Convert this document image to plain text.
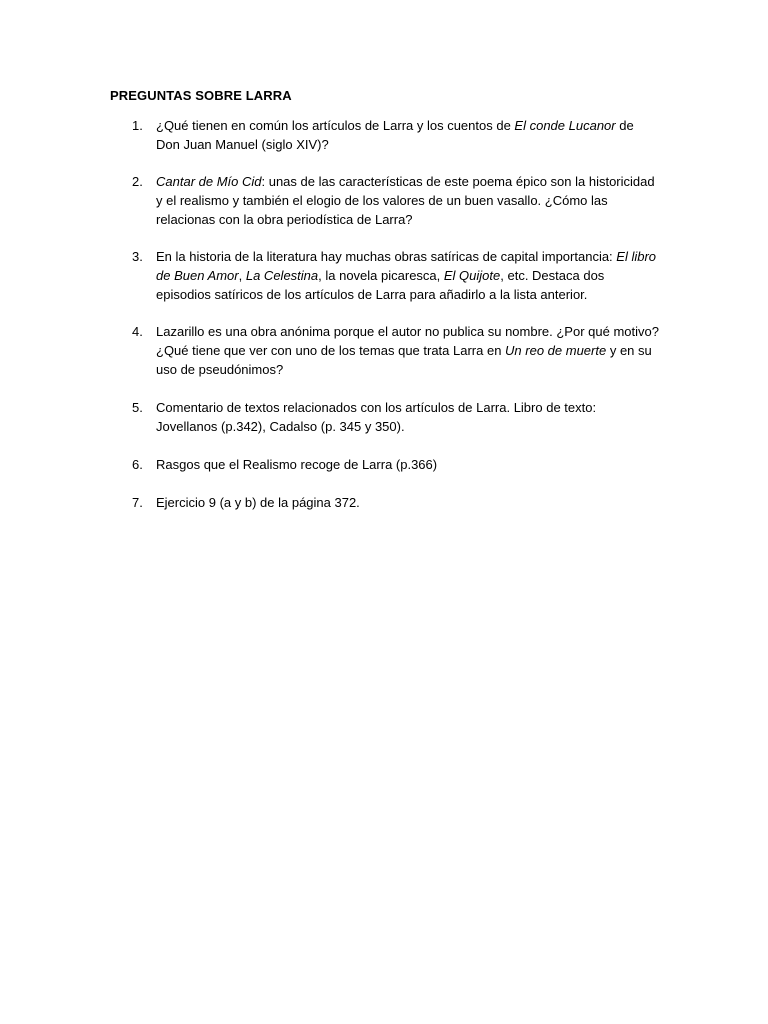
PREGUNTAS SOBRE LARRA
1. ¿Qué tienen en común los artículos de Larra y los cuentos de El conde Lucanor de Don Juan Manuel (siglo XIV)?
2. Cantar de Mío Cid: unas de las características de este poema épico son la historicidad y el realismo y también el elogio de los valores de un buen vasallo. ¿Cómo las relacionas con la obra periodística de Larra?
3. En la historia de la literatura hay muchas obras satíricas de capital importancia: El libro de Buen Amor, La Celestina, la novela picaresca, El Quijote, etc. Destaca dos episodios satíricos de los artículos de Larra para añadirlo a la lista anterior.
4. Lazarillo es una obra anónima porque el autor no publica su nombre. ¿Por qué motivo? ¿Qué tiene que ver con uno de los temas que trata Larra en Un reo de muerte y en su uso de pseudónimos?
5. Comentario de textos relacionados con los artículos de Larra. Libro de texto: Jovellanos (p.342), Cadalso (p. 345 y 350).
6. Rasgos que el Realismo recoge de Larra (p.366)
7. Ejercicio 9 (a y b) de la página 372.
